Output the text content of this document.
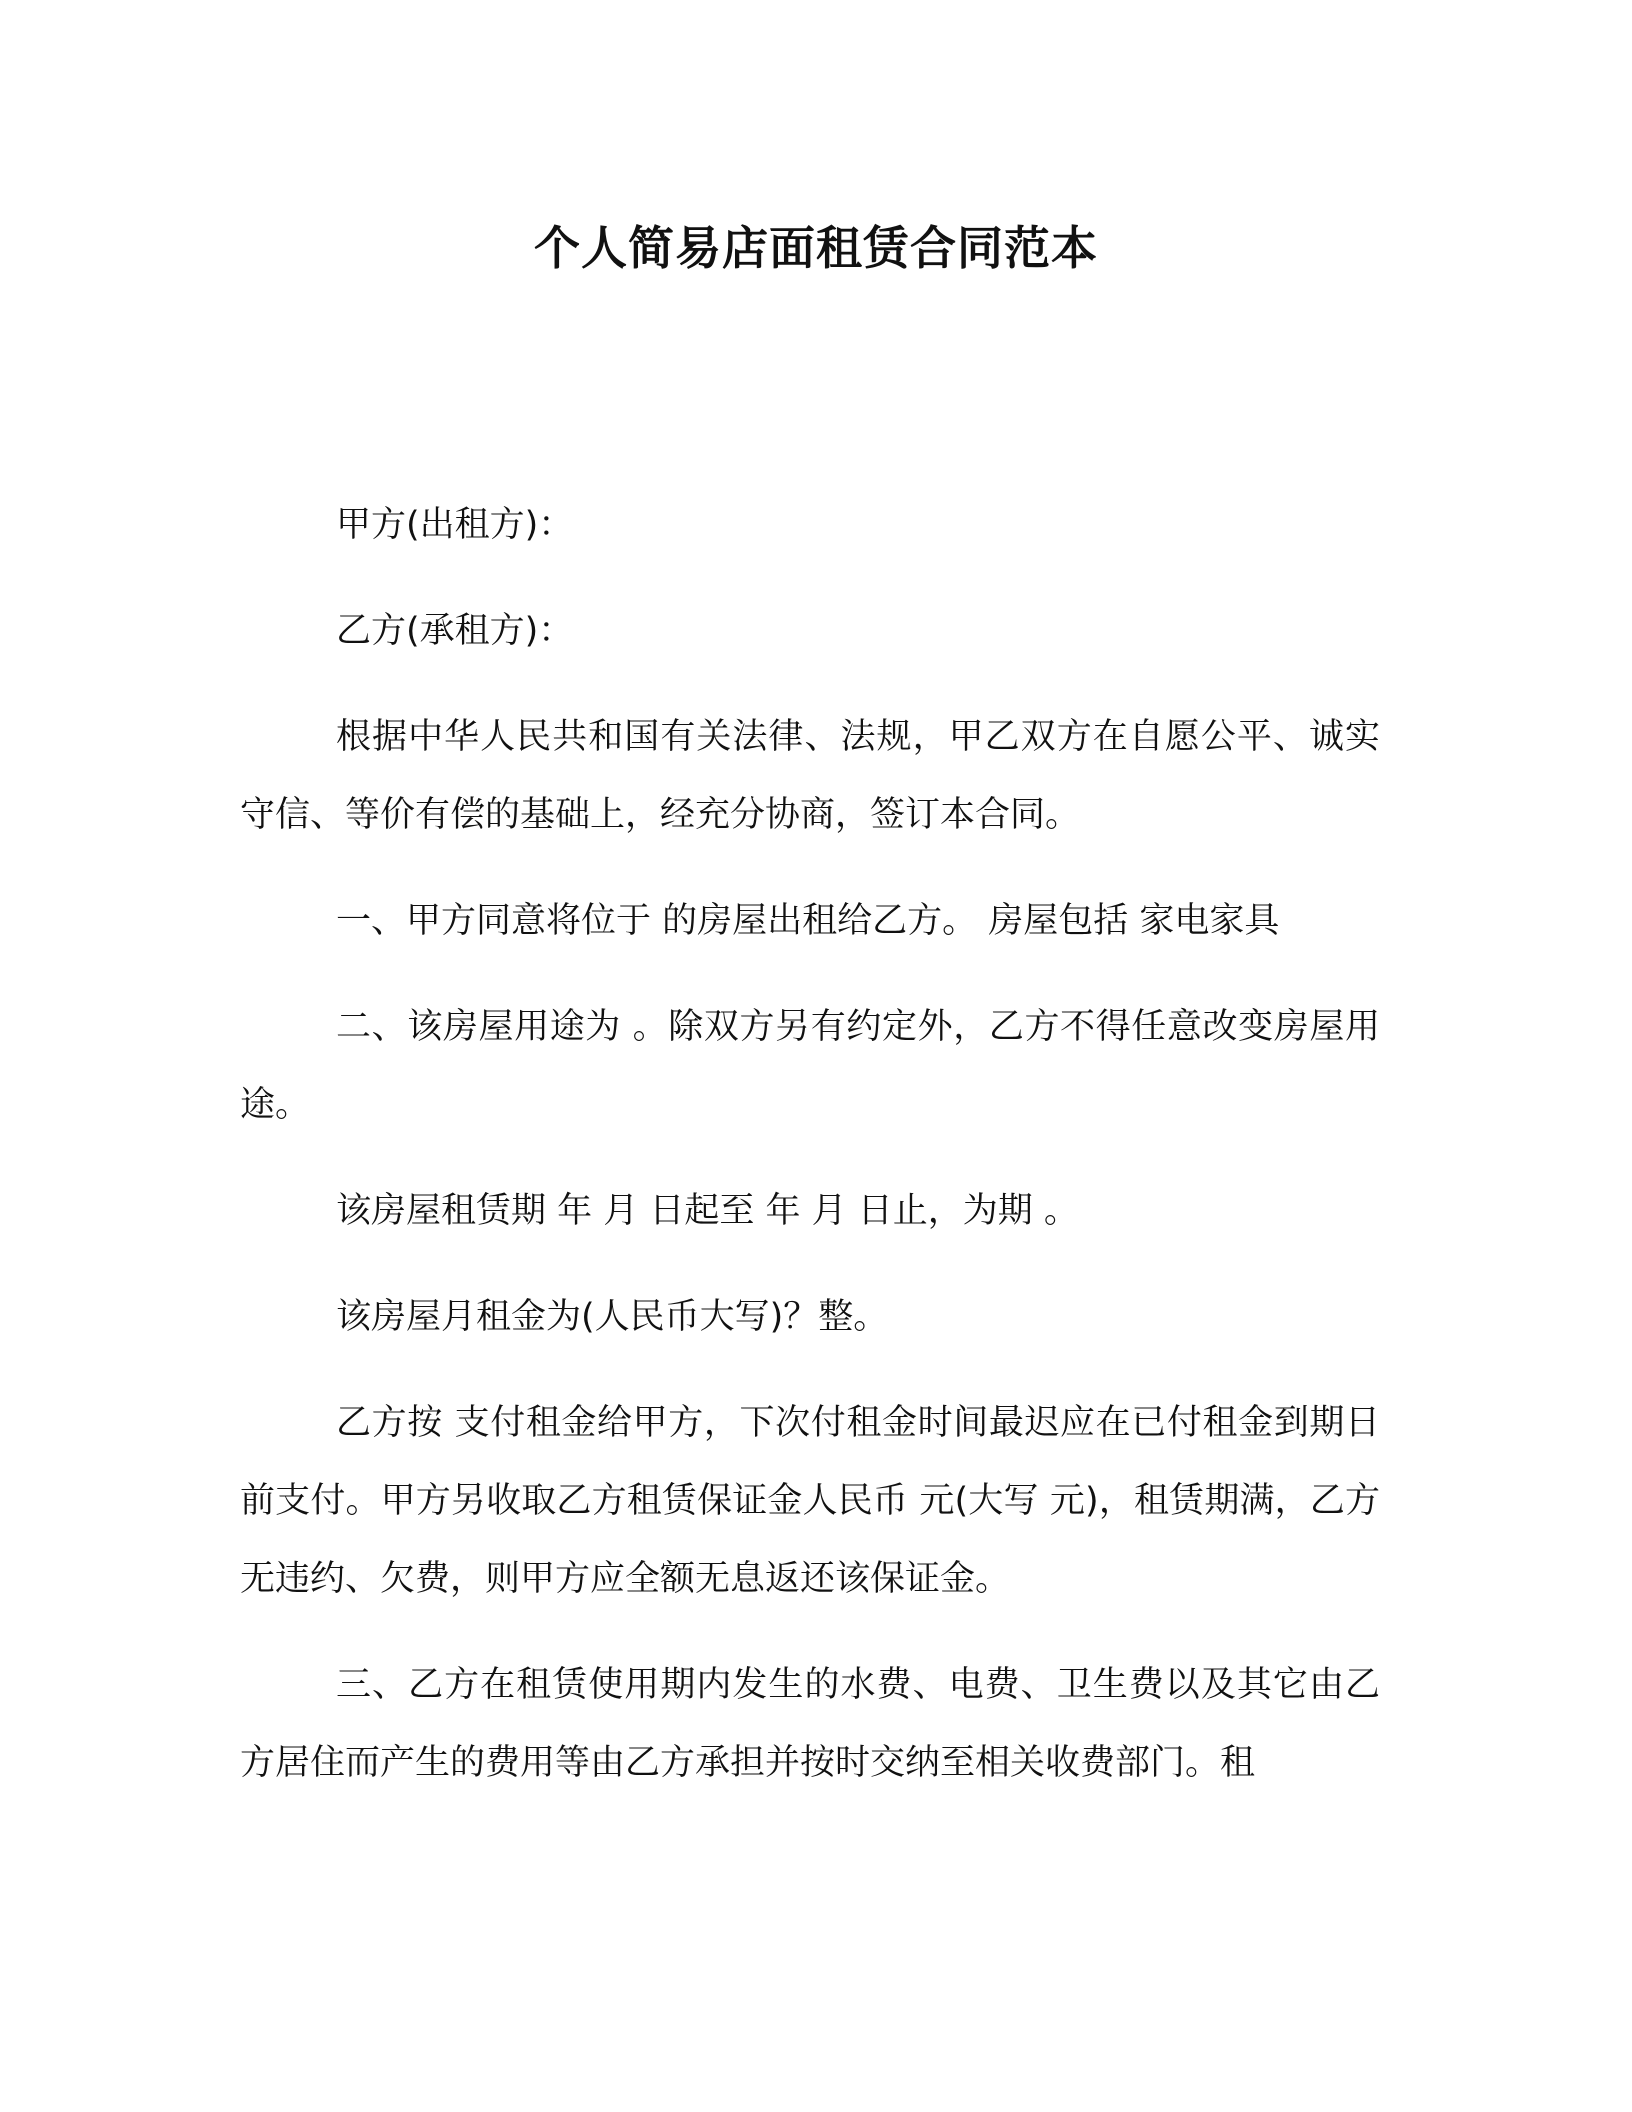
个人简易店面租赁合同范本

甲方(出租方)：

乙方(承租方)：

根据中华人民共和国有关法律、法规，甲乙双方在自愿公平、诚实守信、等价有偿的基础上，经充分协商，签订本合同。

一、甲方同意将位于 的房屋出租给乙方。 房屋包括 家电家具

二、该房屋用途为 。除双方另有约定外，乙方不得任意改变房屋用途。

该房屋租赁期 年 月 日起至 年 月 日止，为期 。

该房屋月租金为(人民币大写)？整。

乙方按 支付租金给甲方，下次付租金时间最迟应在已付租金到期日前支付。甲方另收取乙方租赁保证金人民币 元(大写 元)，租赁期满，乙方无违约、欠费，则甲方应全额无息返还该保证金。

三、乙方在租赁使用期内发生的水费、电费、卫生费以及其它由乙方居住而产生的费用等由乙方承担并按时交纳至相关收费部门。租
